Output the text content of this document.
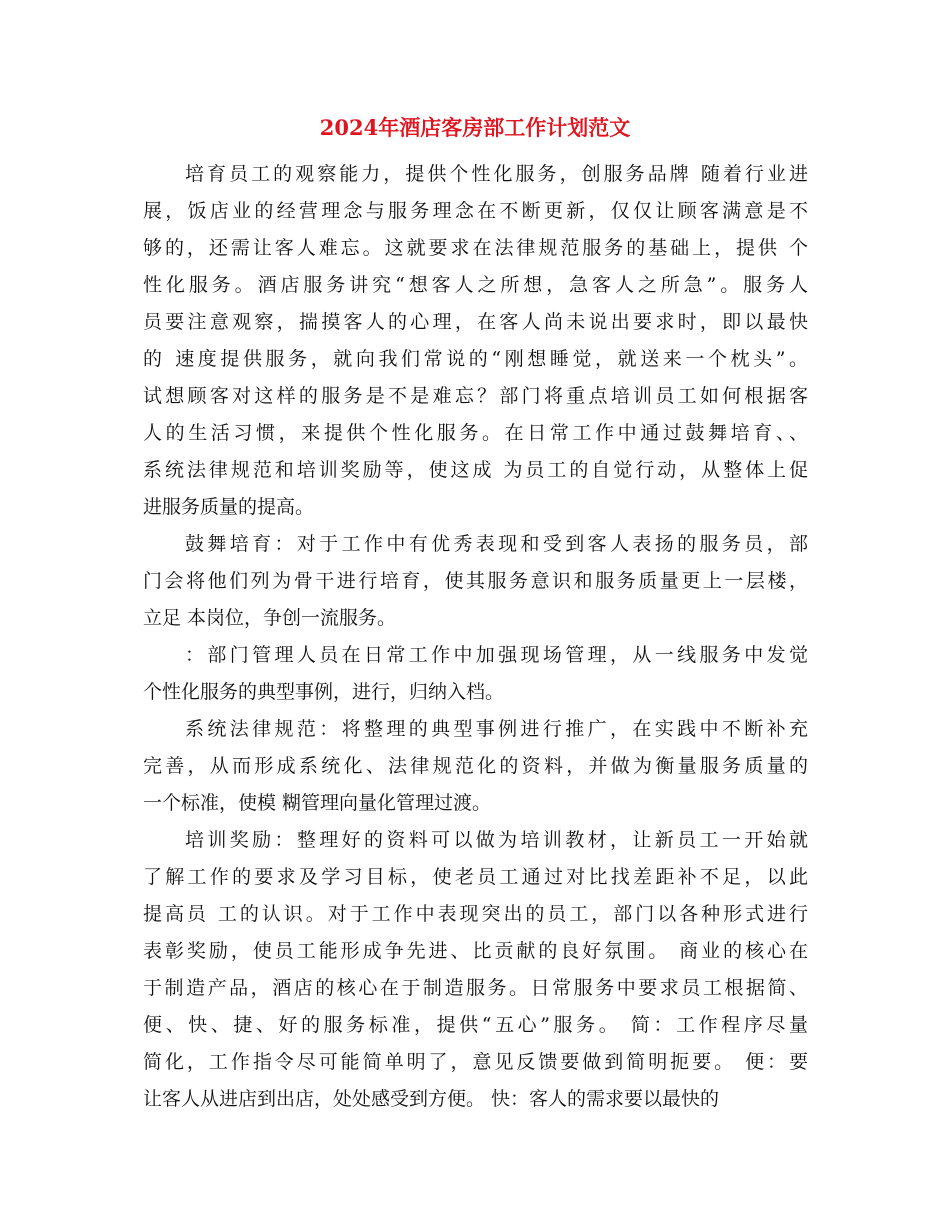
2024年酒店客房部工作计划范文
培育员工的观察能力，提供个性化服务，创服务品牌 随着行业进
展，饭店业的经营理念与服务理念在不断更新，仅仅让顾客满意是不
够的，还需让客人难忘。这就要求在法律规范服务的基础上，提供 个
性化服务。酒店服务讲究“想客人之所想，急客人之所急”。服务人
员要注意观察，揣摸客人的心理，在客人尚未说出要求时，即以最快
的 速度提供服务，就向我们常说的“刚想睡觉，就送来一个枕头”。
试想顾客对这样的服务是不是难忘？部门将重点培训员工如何根据客
人的生活习惯，来提供个性化服务。在日常工作中通过鼓舞培育、、
系统法律规范和培训奖励等，使这成 为员工的自觉行动，从整体上促
进服务质量的提高。
鼓舞培育：对于工作中有优秀表现和受到客人表扬的服务员，部
门会将他们列为骨干进行培育，使其服务意识和服务质量更上一层楼，
立足 本岗位，争创一流服务。
：部门管理人员在日常工作中加强现场管理，从一线服务中发觉
个性化服务的典型事例，进行，归纳入档。
系统法律规范：将整理的典型事例进行推广，在实践中不断补充
完善，从而形成系统化、法律规范化的资料，并做为衡量服务质量的
一个标准，使模 糊管理向量化管理过渡。
培训奖励：整理好的资料可以做为培训教材，让新员工一开始就
了解工作的要求及学习目标，使老员工通过对比找差距补不足，以此
提高员 工的认识。对于工作中表现突出的员工，部门以各种形式进行
表彰奖励，使员工能形成争先进、比贡献的良好氛围。 商业的核心在
于制造产品，酒店的核心在于制造服务。日常服务中要求员工根据简、
便、快、捷、好的服务标准，提供“五心”服务。 简：工作程序尽量
简化，工作指令尽可能简单明了，意见反馈要做到简明扼要。 便：要
让客人从进店到出店，处处感受到方便。 快：客人的需求要以最快的
